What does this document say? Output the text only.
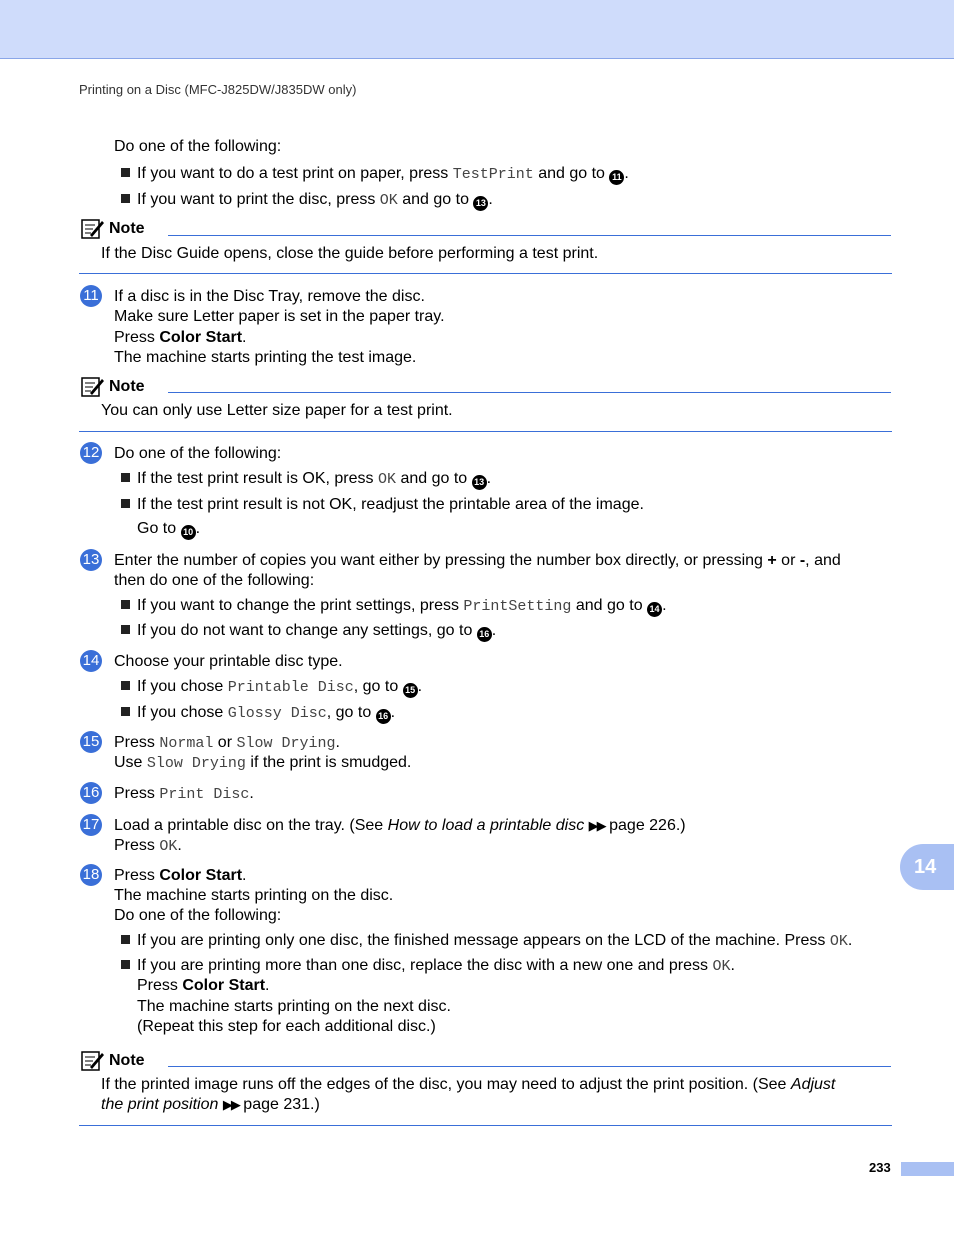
Printing on a Disc (MFC-J825DW/J835DW only)
Do one of the following:
If you want to do a test print on paper, press TestPrint and go to 11 .
If you want to print the disc, press OK and go to 13 .
Note
If the Disc Guide opens, close the guide before performing a test print.
11 If a disc is in the Disc Tray, remove the disc.
Make sure Letter paper is set in the paper tray.
Press Color Start.
The machine starts printing the test image.
Note
You can only use Letter size paper for a test print.
12 Do one of the following:
If the test print result is OK, press OK and go to 13 .
If the test print result is not OK, readjust the printable area of the image.
Go to 10 .
13 Enter the number of copies you want either by pressing the number box directly, or pressing + or -, and
then do one of the following:
If you want to change the print settings, press PrintSetting and go to 14 .
If you do not want to change any settings, go to 16 .
14 Choose your printable disc type.
If you chose Printable Disc, go to 15 .
If you chose Glossy Disc, go to 16 .
15 Press Normal or Slow Drying.
Use Slow Drying if the print is smudged.
16 Press Print Disc.
17 Load a printable disc on the tray. (See How to load a printable disc ▶▶ page 226.)
Press OK.
18 Press Color Start.
The machine starts printing on the disc.
Do one of the following:
If you are printing only one disc, the finished message appears on the LCD of the machine. Press OK.
If you are printing more than one disc, replace the disc with a new one and press OK.
Press Color Start.
The machine starts printing on the next disc.
(Repeat this step for each additional disc.)
Note
If the printed image runs off the edges of the disc, you may need to adjust the print position. (See Adjust
the print position ▶▶ page 231.)
14
233
